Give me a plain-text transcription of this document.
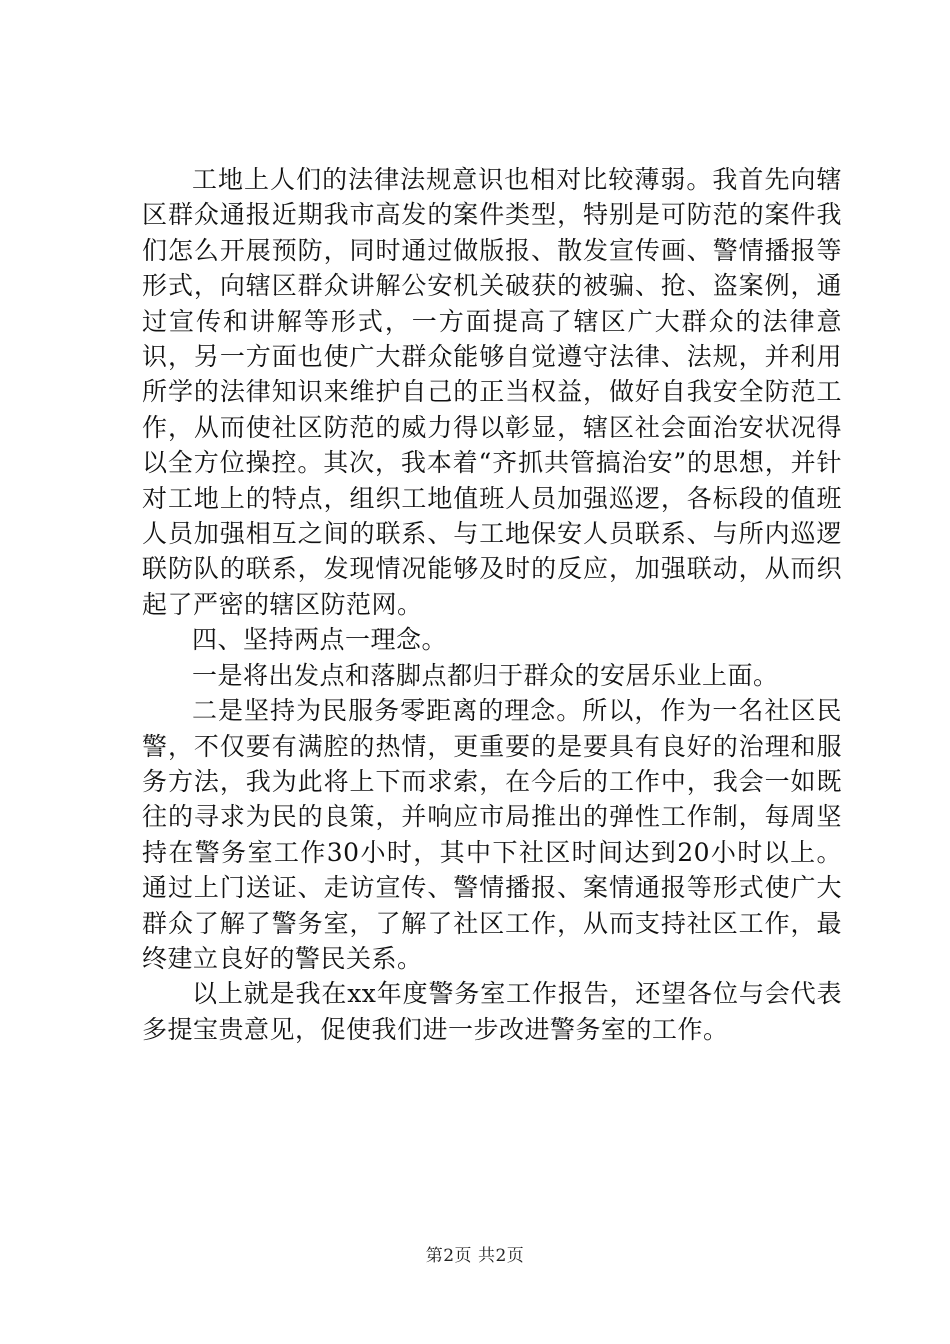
工地上人们的法律法规意识也相对比较薄弱。我首先向辖区群众通报近期我市高发的案件类型，特别是可防范的案件我们怎么开展预防，同时通过做版报、散发宣传画、警情播报等形式，向辖区群众讲解公安机关破获的被骗、抢、盗案例，通过宣传和讲解等形式，一方面提高了辖区广大群众的法律意识，另一方面也使广大群众能够自觉遵守法律、法规，并利用所学的法律知识来维护自己的正当权益，做好自我安全防范工作，从而使社区防范的威力得以彰显，辖区社会面治安状况得以全方位操控。其次，我本着“齐抓共管搞治安”的思想，并针对工地上的特点，组织工地值班人员加强巡逻，各标段的值班人员加强相互之间的联系、与工地保安人员联系、与所内巡逻联防队的联系，发现情况能够及时的反应，加强联动，从而织起了严密的辖区防范网。

四、坚持两点一理念。

一是将出发点和落脚点都归于群众的安居乐业上面。

二是坚持为民服务零距离的理念。所以，作为一名社区民警，不仅要有满腔的热情，更重要的是要具有良好的治理和服务方法，我为此将上下而求索，在今后的工作中，我会一如既往的寻求为民的良策，并响应市局推出的弹性工作制，每周坚持在警务室工作30小时，其中下社区时间达到20小时以上。通过上门送证、走访宣传、警情播报、案情通报等形式使广大群众了解了警务室，了解了社区工作，从而支持社区工作，最终建立良好的警民关系。

以上就是我在xx年度警务室工作报告，还望各位与会代表多提宝贵意见，促使我们进一步改进警务室的工作。

第2页 共2页
